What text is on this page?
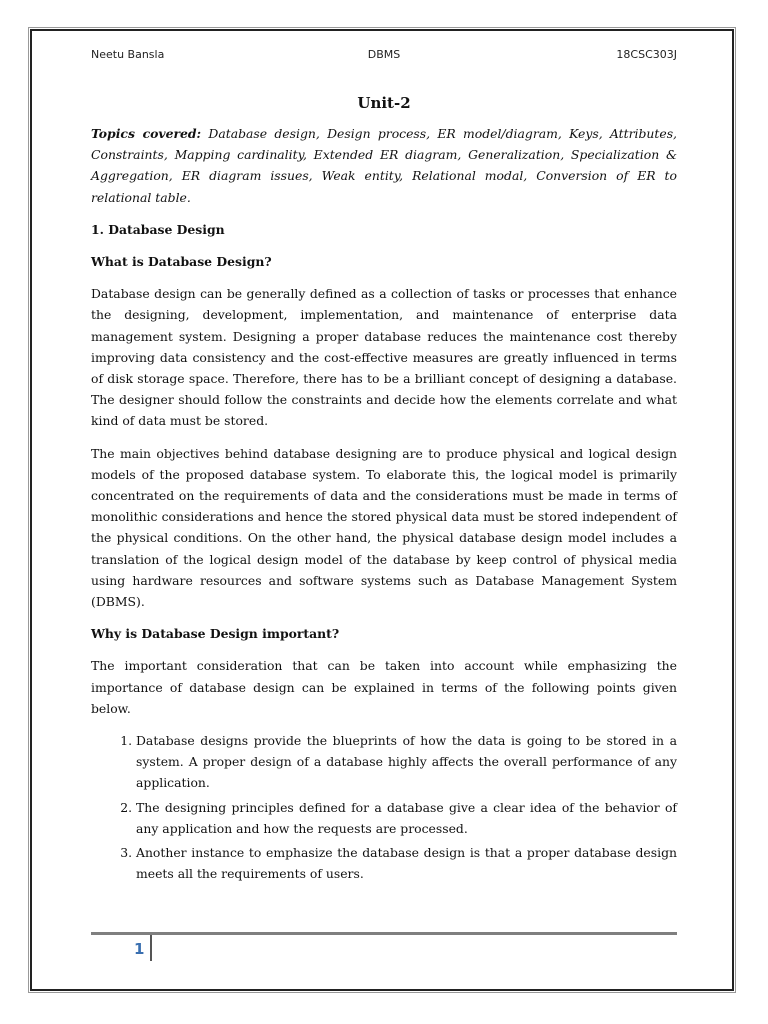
Neetu Bansla	DBMS	18CSC303J
Unit-2

Topics covered: Database design, Design process, ER model/diagram, Keys, Attributes, Constraints, Mapping cardinality, Extended ER diagram, Generalization, Specialization & Aggregation, ER diagram issues, Weak entity, Relational modal, Conversion of ER to relational table.

1. Database Design
What is Database Design?

Database design can be generally defined as a collection of tasks or processes that enhance the designing, development, implementation, and maintenance of enterprise data management system. Designing a proper database reduces the maintenance cost thereby improving data consistency and the cost-effective measures are greatly influenced in terms of disk storage space. Therefore, there has to be a brilliant concept of designing a database. The designer should follow the constraints and decide how the elements correlate and what kind of data must be stored.

The main objectives behind database designing are to produce physical and logical design models of the proposed database system. To elaborate this, the logical model is primarily concentrated on the requirements of data and the considerations must be made in terms of monolithic considerations and hence the stored physical data must be stored independent of the physical conditions. On the other hand, the physical database design model includes a translation of the logical design model of the database by keep control of physical media using hardware resources and software systems such as Database Management System (DBMS).

Why is Database Design important?

The important consideration that can be taken into account while emphasizing the importance of database design can be explained in terms of the following points given below.

1. Database designs provide the blueprints of how the data is going to be stored in a system. A proper design of a database highly affects the overall performance of any application.
2. The designing principles defined for a database give a clear idea of the behavior of any application and how the requests are processed.
3. Another instance to emphasize the database design is that a proper database design meets all the requirements of users.
1
